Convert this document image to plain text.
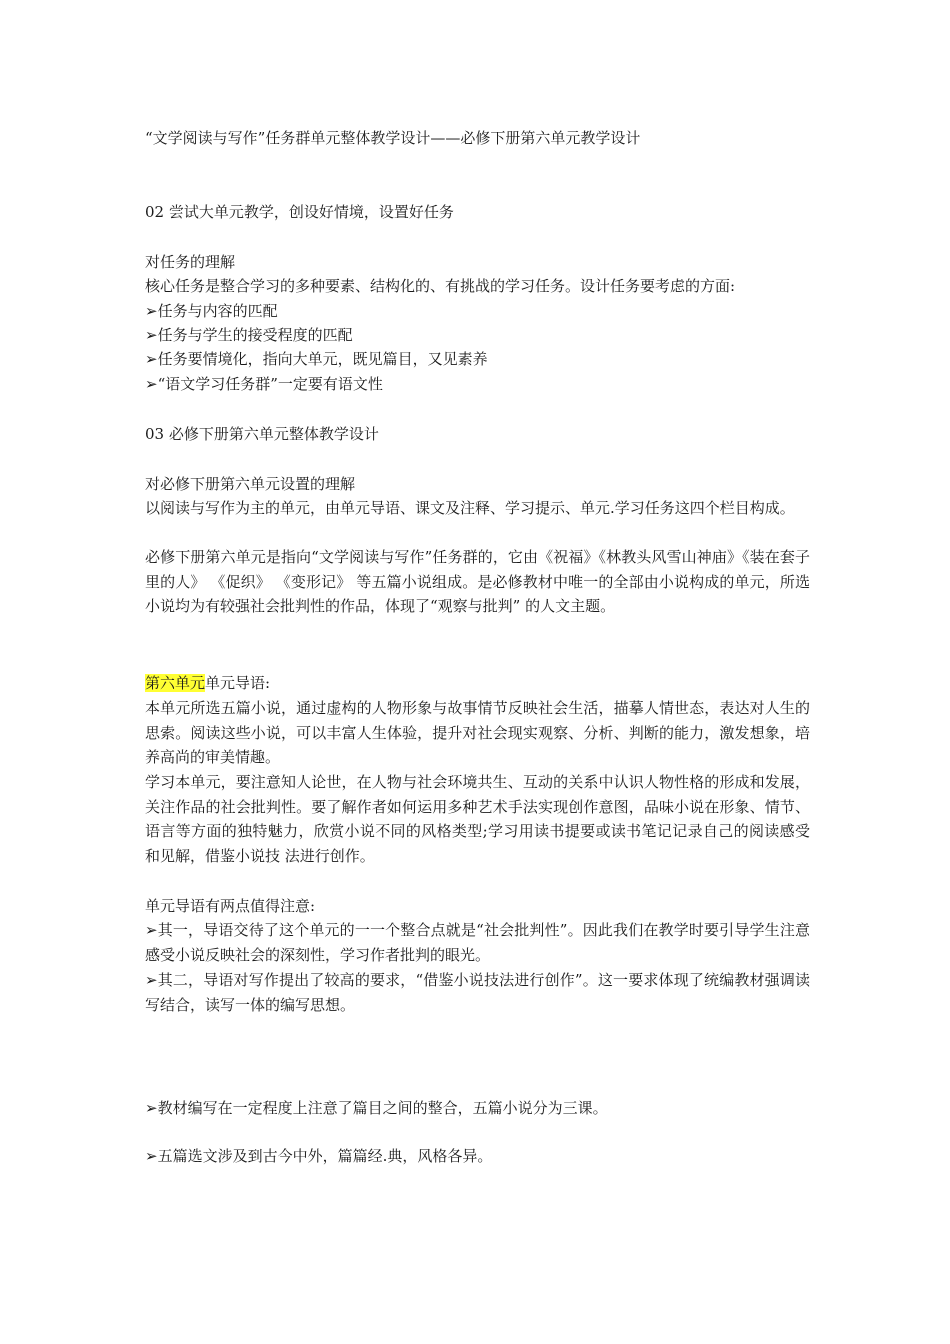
“文学阅读与写作”任务群单元整体教学设计——必修下册第六单元教学设计
02 尝试大单元教学，创设好情境，设置好任务
对任务的理解
核心任务是整合学习的多种要素、结构化的、有挑战的学习任务。设计任务要考虑的方面:
➢任务与内容的匹配
➢任务与学生的接受程度的匹配
➢任务要情境化，指向大单元，既见篇目，又见素养
➢“语文学习任务群”一定要有语文性
03 必修下册第六单元整体教学设计
对必修下册第六单元设置的理解
以阅读与写作为主的单元，由单元导语、课文及注释、学习提示、单元.学习任务这四个栏目构成。
必修下册第六单元是指向“文学阅读与写作”任务群的，它由《祝福》《林教头风雪山神庙》《装在套子里的人》 《促织》 《变形记》 等五篇小说组成。是必修教材中唯一的全部由小说构成的单元，所选小说均为有较强社会批判性的作品，体现了“观察与批判” 的人文主题。
第六单元单元导语:
本单元所选五篇小说，通过虚构的人物形象与故事情节反映社会生活，描摹人情世态，表达对人生的思索。阅读这些小说，可以丰富人生体验，提升对社会现实观察、分析、判断的能力，激发想象，培养高尚的审美情趣。
学习本单元，要注意知人论世，在人物与社会环境共生、互动的关系中认识人物性格的形成和发展，关注作品的社会批判性。要了解作者如何运用多种艺术手法实现创作意图，品味小说在形象、情节、语言等方面的独特魅力，欣赏小说不同的风格类型;学习用读书提要或读书笔记记录自己的阅读感受和见解，借鉴小说技 法进行创作。
单元导语有两点值得注意:
➢其一，导语交待了这个单元的一一个整合点就是“社会批判性”。因此我们在教学时要引导学生注意感受小说反映社会的深刻性，学习作者批判的眼光。
➢其二，导语对写作提出了较高的要求，“借鉴小说技法进行创作”。这一要求体现了统编教材强调读写结合，读写一体的编写思想。
➢教材编写在一定程度上注意了篇目之间的整合，五篇小说分为三课。
➢五篇选文涉及到古今中外，篇篇经.典，风格各异。
